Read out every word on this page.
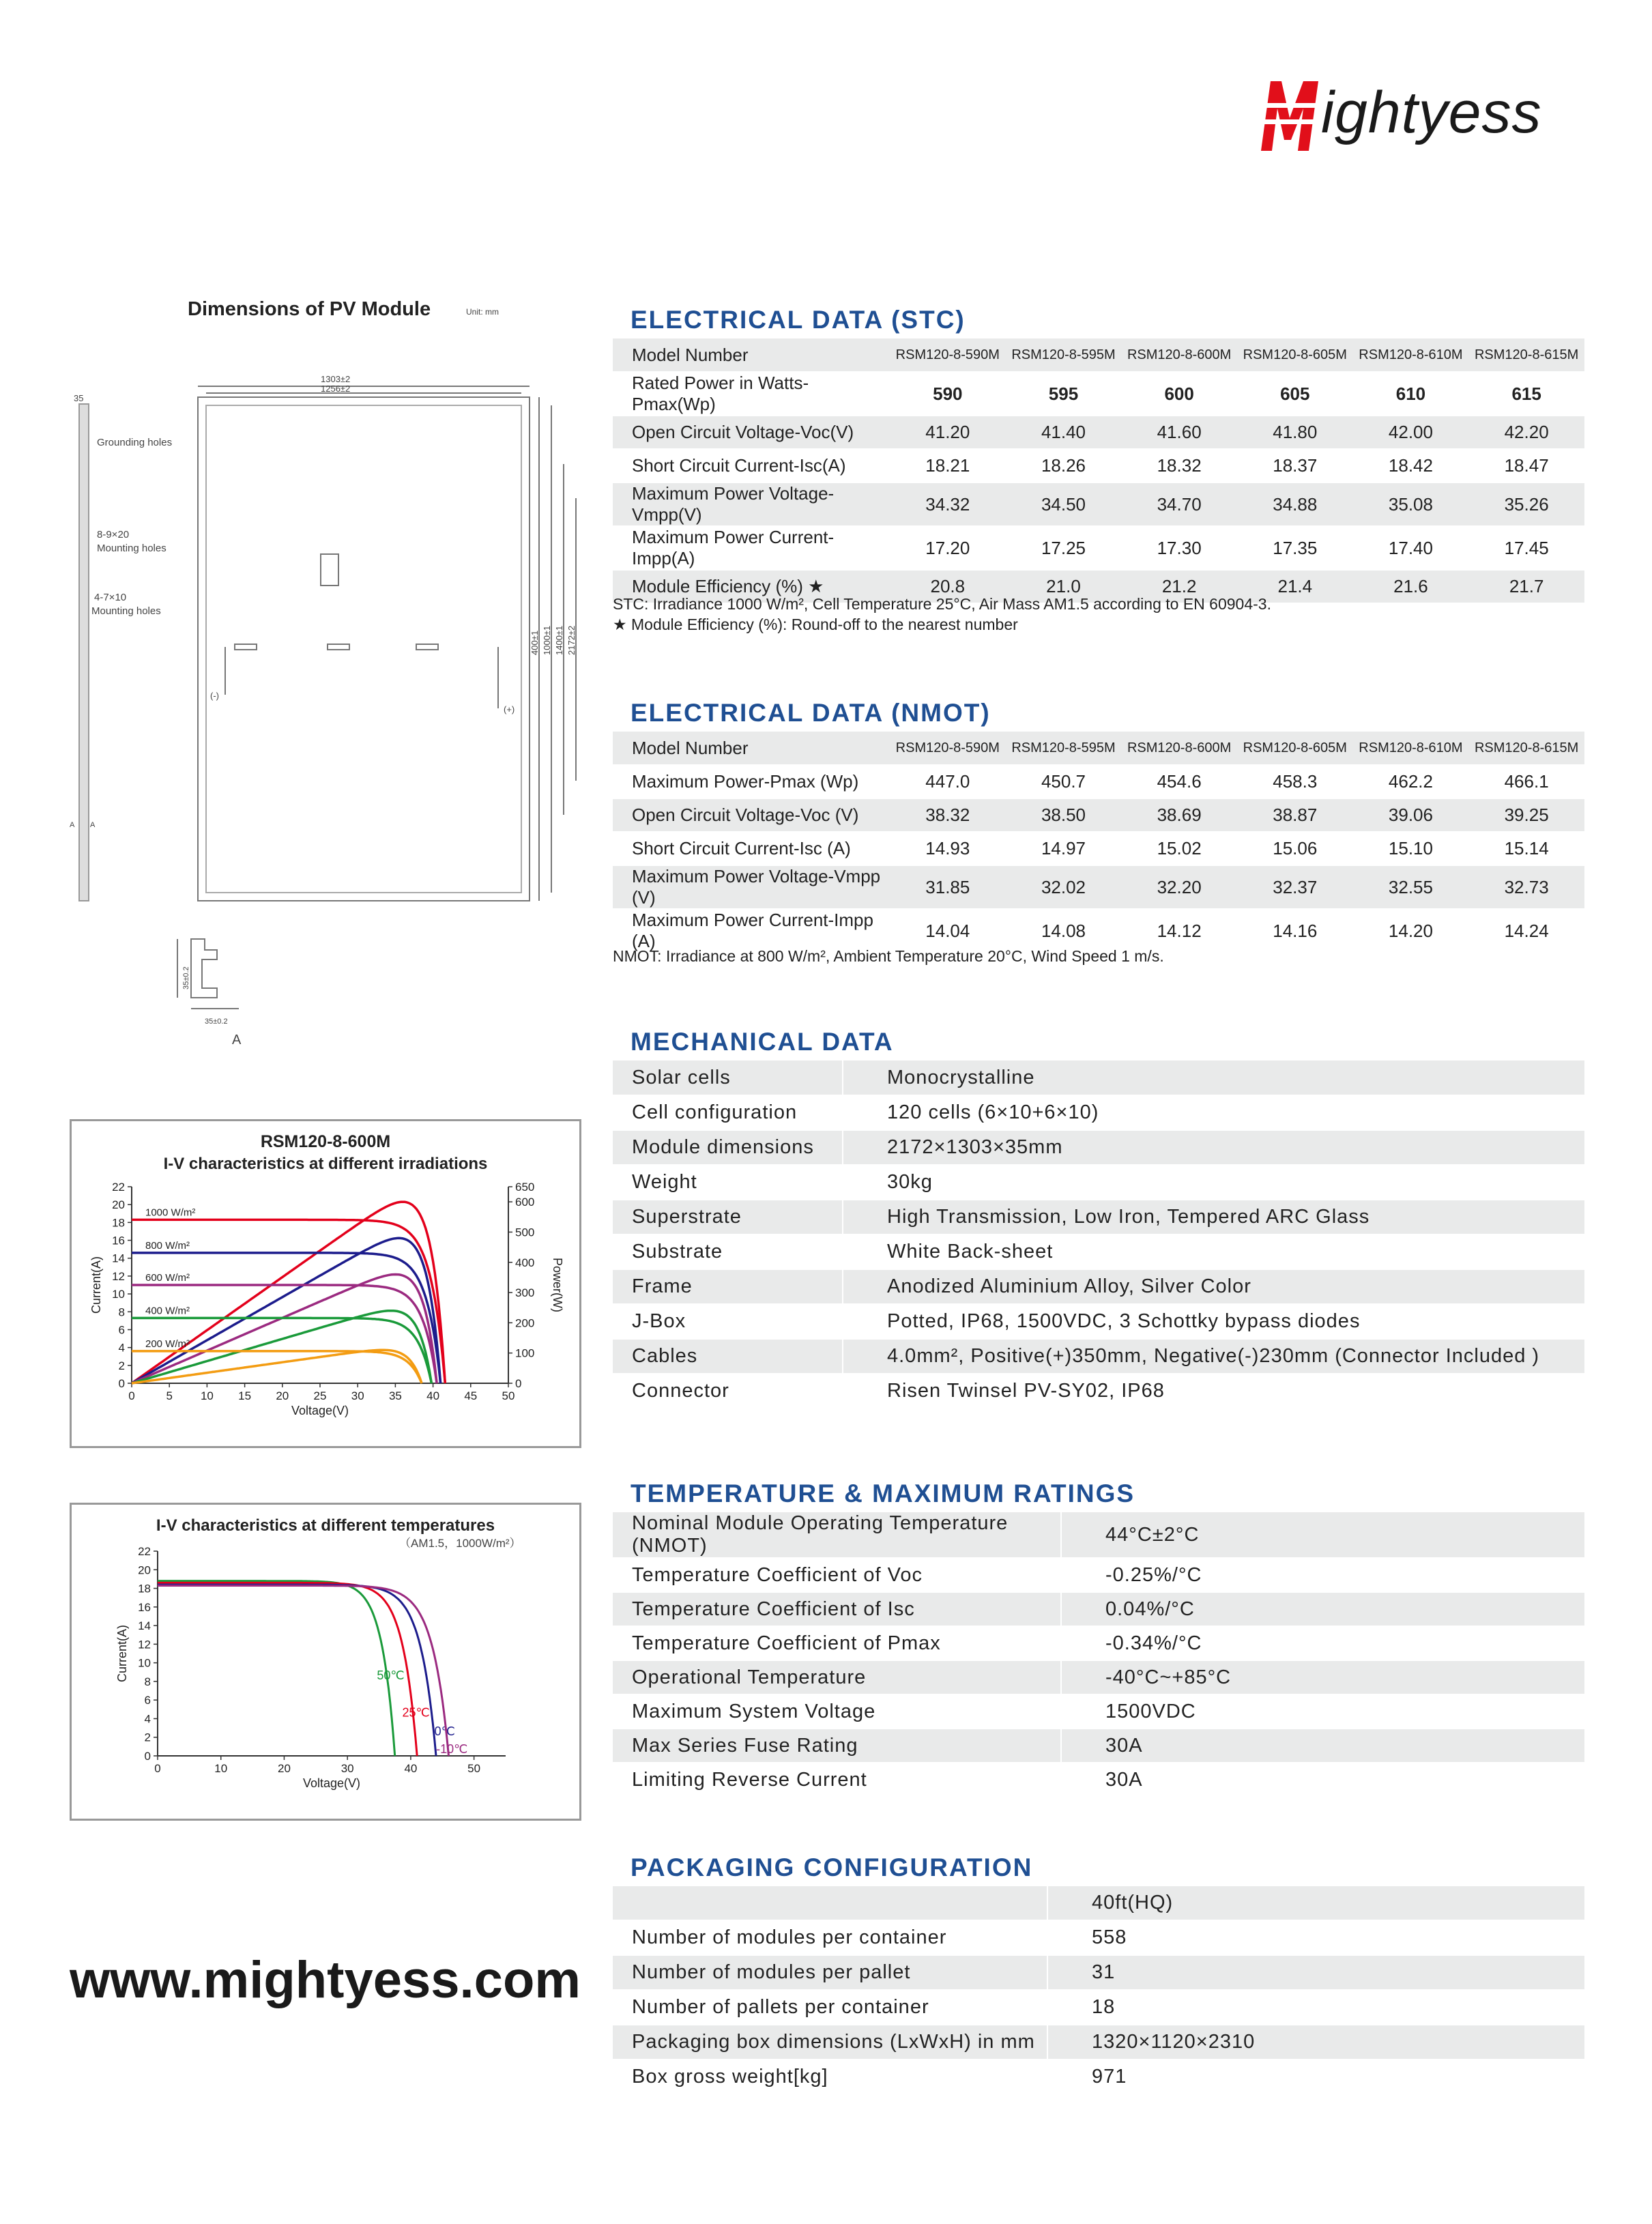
ightyess
Dimensions of PV Module	Unit: mm
35
1303±2
1256±2
Grounding holes
8-9×20
Mounting holes
4-7×10
Mounting holes
(-)
(+)
400±1 1000±1 1400±1 2172±2
A A
35±0.2
35±0.2
A
RSM120-8-600M
I-V characteristics at different irradiations
0	5 10 15 20 25 30 35 40 45 50
0
2
4
6
8
10
12
14
16
18
20
22
Voltage(V)
Current(A)
0
100
200
300
400
500
600
650
Power(W)
1000 W/m²
800 W/m²
600 W/m²
400 W/m²
200 W/m²
I-V characteristics at different temperatures
0	10	20	30	40	50
0
2
4
6
8
10
12
14
16
18
20
22
Voltage(V)
Current(A)	50℃
25℃
0℃
-10℃
（AM1.5，1000W/m²）
www.mightyess.com
ELECTRICAL DATA (STC)
Model Number	RSM120-8-590M	RSM120-8-595M	RSM120-8-600M	RSM120-8-605M	RSM120-8-610M	RSM120-8-615M
Rated Power in Watts-Pmax(Wp)	590	595	600	605	610	615
Open Circuit Voltage-Voc(V)	41.20	41.40	41.60	41.80	42.00	42.20
Short Circuit Current-Isc(A)	18.21	18.26	18.32	18.37	18.42	18.47
Maximum Power Voltage-Vmpp(V)	34.32	34.50	34.70	34.88	35.08	35.26
Maximum Power Current-Impp(A)	17.20	17.25	17.30	17.35	17.40	17.45
Module Efficiency (%) ★	20.8	21.0	21.2	21.4	21.6	21.7
STC: Irradiance 1000 W/m², Cell Temperature 25°C, Air Mass AM1.5 according to EN 60904-3.
★ Module Efficiency (%): Round-off to the nearest number
ELECTRICAL DATA (NMOT)
Model Number	RSM120-8-590M	RSM120-8-595M	RSM120-8-600M	RSM120-8-605M	RSM120-8-610M	RSM120-8-615M
Maximum Power-Pmax (Wp)	447.0	450.7	454.6	458.3	462.2	466.1
Open Circuit Voltage-Voc (V)	38.32	38.50	38.69	38.87	39.06	39.25
Short Circuit Current-Isc (A)	14.93	14.97	15.02	15.06	15.10	15.14
Maximum Power Voltage-Vmpp (V)	31.85	32.02	32.20	32.37	32.55	32.73
Maximum Power Current-Impp (A)	14.04	14.08	14.12	14.16	14.20	14.24
NMOT: Irradiance at 800 W/m², Ambient Temperature 20°C, Wind Speed 1 m/s.
MECHANICAL DATA
Solar cells	Monocrystalline
Cell configuration	120 cells (6×10+6×10)
Module dimensions	2172×1303×35mm
Weight	30kg
Superstrate	High Transmission, Low Iron, Tempered ARC Glass
Substrate	White Back-sheet
Frame	Anodized Aluminium Alloy, Silver Color
J-Box	Potted, IP68, 1500VDC, 3 Schottky bypass diodes
Cables	4.0mm², Positive(+)350mm, Negative(-)230mm (Connector Included )
Connector	Risen Twinsel PV-SY02, IP68
TEMPERATURE & MAXIMUM RATINGS
Nominal Module Operating Temperature (NMOT)	44°C±2°C
Temperature Coefficient of Voc	-0.25%/°C
Temperature Coefficient of Isc	0.04%/°C
Temperature Coefficient of Pmax	-0.34%/°C
Operational Temperature	-40°C~+85°C
Maximum System Voltage	1500VDC
Max Series Fuse Rating	30A
Limiting Reverse Current	30A
PACKAGING CONFIGURATION
	40ft(HQ)
Number of modules per container	558
Number of modules per pallet	31
Number of pallets per container	18
Packaging box dimensions (LxWxH) in mm	1320×1120×2310
Box gross weight[kg]	971
